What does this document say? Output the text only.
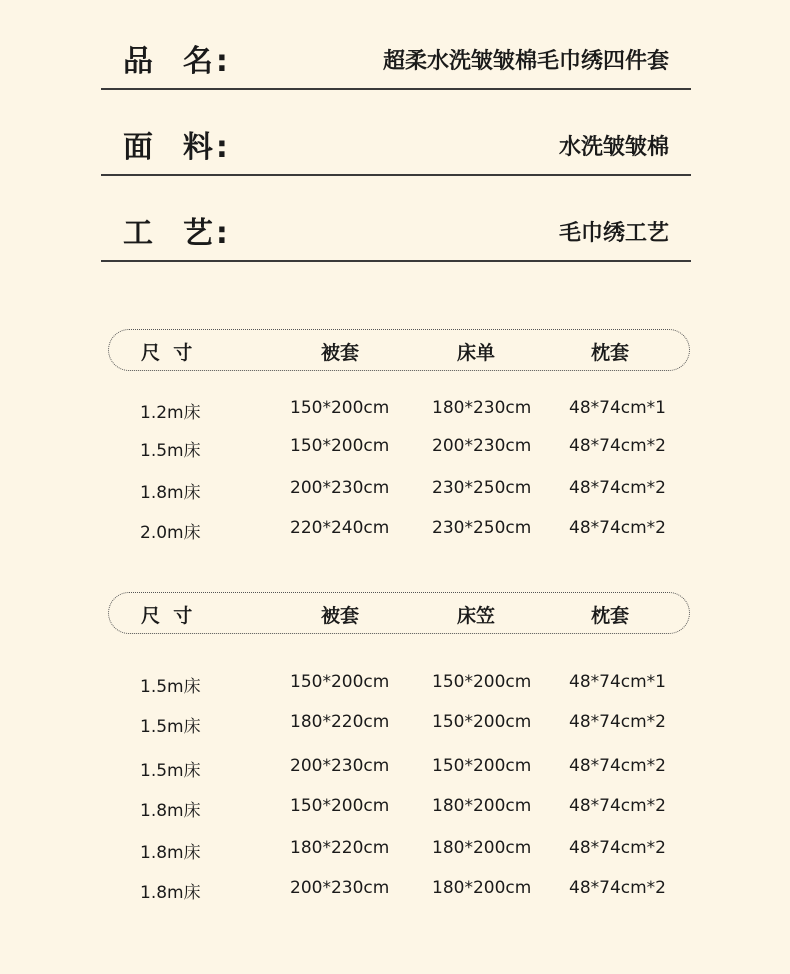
品  名:	超柔水洗皱皱棉毛巾绣四件套
面  料:	水洗皱皱棉
工  艺:	毛巾绣工艺
尺  寸	被套	床单	枕套
1.2m床	150*200cm	180*230cm 48*74cm*1
1.5m床	150*200cm	200*230cm 48*74cm*2
1.8m床	200*230cm	230*250cm 48*74cm*2
2.0m床	220*240cm	230*250cm 48*74cm*2
尺  寸	被套	床笠	枕套
1.5m床	150*200cm	150*200cm 48*74cm*1
1.5m床	180*220cm	150*200cm 48*74cm*2
1.5m床	200*230cm	150*200cm 48*74cm*2
1.8m床	150*200cm	180*200cm 48*74cm*2
1.8m床	180*220cm	180*200cm 48*74cm*2
1.8m床	200*230cm	180*200cm 48*74cm*2
